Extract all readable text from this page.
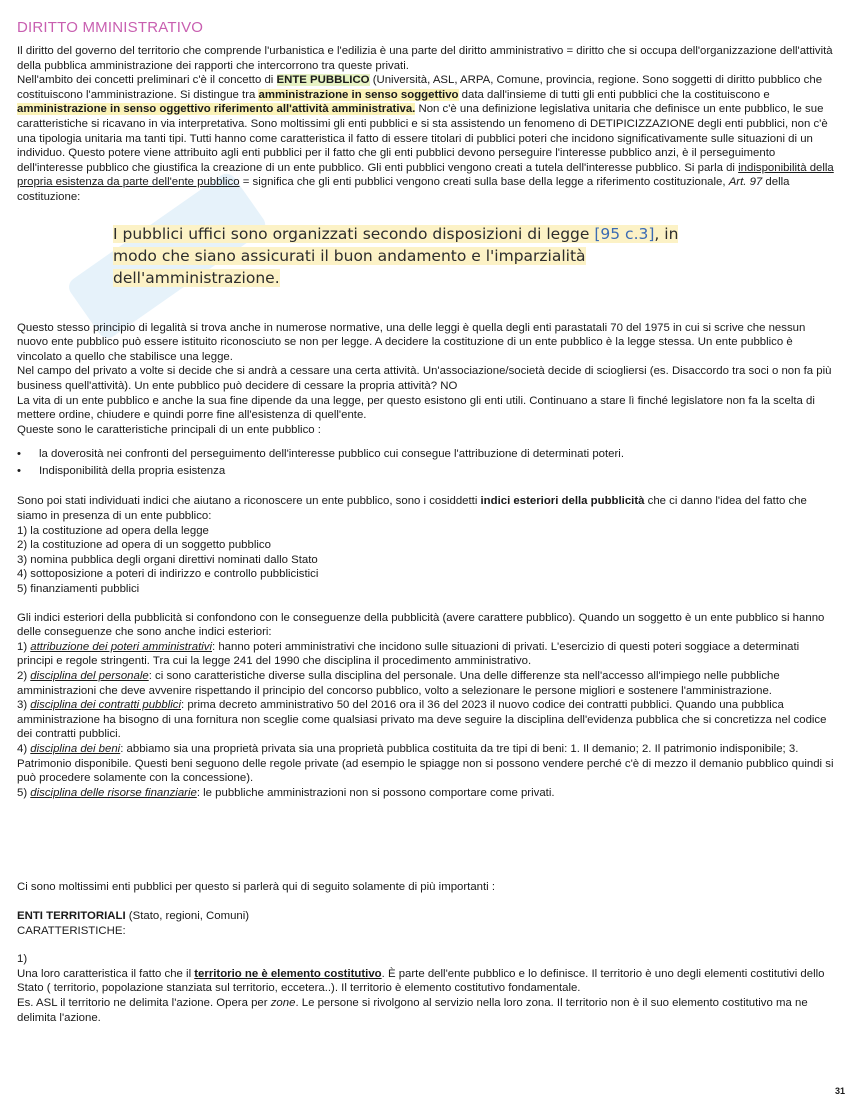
DIRITTO MMINISTRATIVO

Il diritto del governo del territorio che comprende l'urbanistica e l'edilizia è una parte del diritto amministrativo = diritto che si occupa dell'organizzazione dell'attività della pubblica amministrazione dei rapporti che intercorrono tra queste privati.

Nell'ambito dei concetti preliminari c'è il concetto di ENTE PUBBLICO (Università, ASL, ARPA, Comune, provincia, regione. Sono soggetti di diritto pubblico che costituiscono l'amministrazione. Si distingue tra amministrazione in senso soggettivo data dall'insieme di tutti gli enti pubblici che la costituiscono e amministrazione in senso oggettivo riferimento all'attività amministrativa. Non c'è una definizione legislativa unitaria che definisce un ente pubblico, le sue caratteristiche si ricavano in via interpretativa. Sono moltissimi gli enti pubblici e si sta assistendo un fenomeno di DETIPICIZZAZIONE degli enti pubblici, non c'è una tipologia unitaria ma tanti tipi. Tutti hanno come caratteristica il fatto di essere titolari di pubblici poteri che incidono significativamente sulle situazioni di un individuo. Questo potere viene attribuito agli enti pubblici per il fatto che gli enti pubblici devono perseguire l'interesse pubblico anzi, è il perseguimento dell'interesse pubblico che giustifica la creazione di un ente pubblico. Gli enti pubblici vengono creati a tutela dell'interesse pubblico. Si parla di indisponibilità della propria esistenza da parte dell'ente pubblico = significa che gli enti pubblici vengono creati sulla base della legge a riferimento costituzionale, Art. 97 della costituzione:

I pubblici uffici sono organizzati secondo disposizioni di legge [95 c.3], in modo che siano assicurati il buon andamento e l'imparzialità dell'amministrazione.

Questo stesso principio di legalità si trova anche in numerose normative, una delle leggi è quella degli enti parastatali 70 del 1975 in cui si scrive che nessun nuovo ente pubblico può essere istituito riconosciuto se non per legge. A decidere la costituzione di un ente pubblico è la legge stessa. Un ente pubblico è vincolato a quello che stabilisce una legge.

Nel campo del privato a volte si decide che si andrà a cessare una certa attività. Un'associazione/società decide di sciogliersi (es. Disaccordo tra soci o non fa più business quell'attività). Un ente pubblico può decidere di cessare la propria attività? NO

La vita di un ente pubblico e anche la sua fine dipende da una legge, per questo esistono gli enti utili. Continuano a stare lì finché legislatore non fa la scelta di mettere ordine, chiudere e quindi porre fine all'esistenza di quell'ente.

Queste sono le caratteristiche principali di un ente pubblico :

•	la doverosità nei confronti del perseguimento dell'interesse pubblico cui consegue l'attribuzione di determinati poteri.
•	Indisponibilità della propria esistenza

Sono poi stati individuati indici che aiutano a riconoscere un ente pubblico, sono i cosiddetti indici esteriori della pubblicità che ci danno l'idea del fatto che siamo in presenza di un ente pubblico:

1) la costituzione ad opera della legge

2) la costituzione ad opera di un soggetto pubblico

3) nomina pubblica degli organi direttivi nominati dallo Stato

4) sottoposizione a poteri di indirizzo e controllo pubblicistici

5) finanziamenti pubblici

Gli indici esteriori della pubblicità si confondono con le conseguenze della pubblicità (avere carattere pubblico). Quando un soggetto è un ente pubblico si hanno delle conseguenze che sono anche indici esteriori:

1) attribuzione dei poteri amministrativi: hanno poteri amministrativi che incidono sulle situazioni di privati. L'esercizio di questi poteri soggiace a determinati principi e regole stringenti. Tra cui la legge 241 del 1990 che disciplina il procedimento amministrativo.

2) disciplina del personale: ci sono caratteristiche diverse sulla disciplina del personale. Una delle differenze sta nell'accesso all'impiego nelle pubbliche amministrazioni che deve avvenire rispettando il principio del concorso pubblico, volto a selezionare le persone migliori e sostenere l'amministrazione.

3) disciplina dei contratti pubblici: prima decreto amministrativo 50 del 2016 ora il 36 del 2023 il nuovo codice dei contratti pubblici. Quando una pubblica amministrazione ha bisogno di una fornitura non sceglie come qualsiasi privato ma deve seguire la disciplina dell'evidenza pubblica che si concretizza nel codice dei contratti pubblici.

4) disciplina dei beni: abbiamo sia una proprietà privata sia una proprietà pubblica costituita da tre tipi di beni: 1. Il demanio; 2. Il patrimonio indisponibile; 3. Patrimonio disponibile. Questi beni seguono delle regole private (ad esempio le spiagge non si possono vendere perché c'è di mezzo il demanio pubblico quindi si può procedere solamente con la concessione).

5) disciplina delle risorse finanziarie: le pubbliche amministrazioni non si possono comportare come privati.

Ci sono moltissimi enti pubblici per questo si parlerà qui di seguito solamente di più importanti :

ENTI TERRITORIALI (Stato, regioni, Comuni)

CARATTERISTICHE:

1)

Una loro caratteristica il fatto che il territorio ne è elemento costitutivo. È parte dell'ente pubblico e lo definisce. Il territorio è uno degli elementi costitutivi dello Stato ( territorio, popolazione stanziata sul territorio, eccetera..). Il territorio è elemento costitutivo fondamentale.

Es. ASL il territorio ne delimita l'azione. Opera per zone. Le persone si rivolgono al servizio nella loro zona. Il territorio non è il suo elemento costitutivo ma ne delimita l'azione.

31
